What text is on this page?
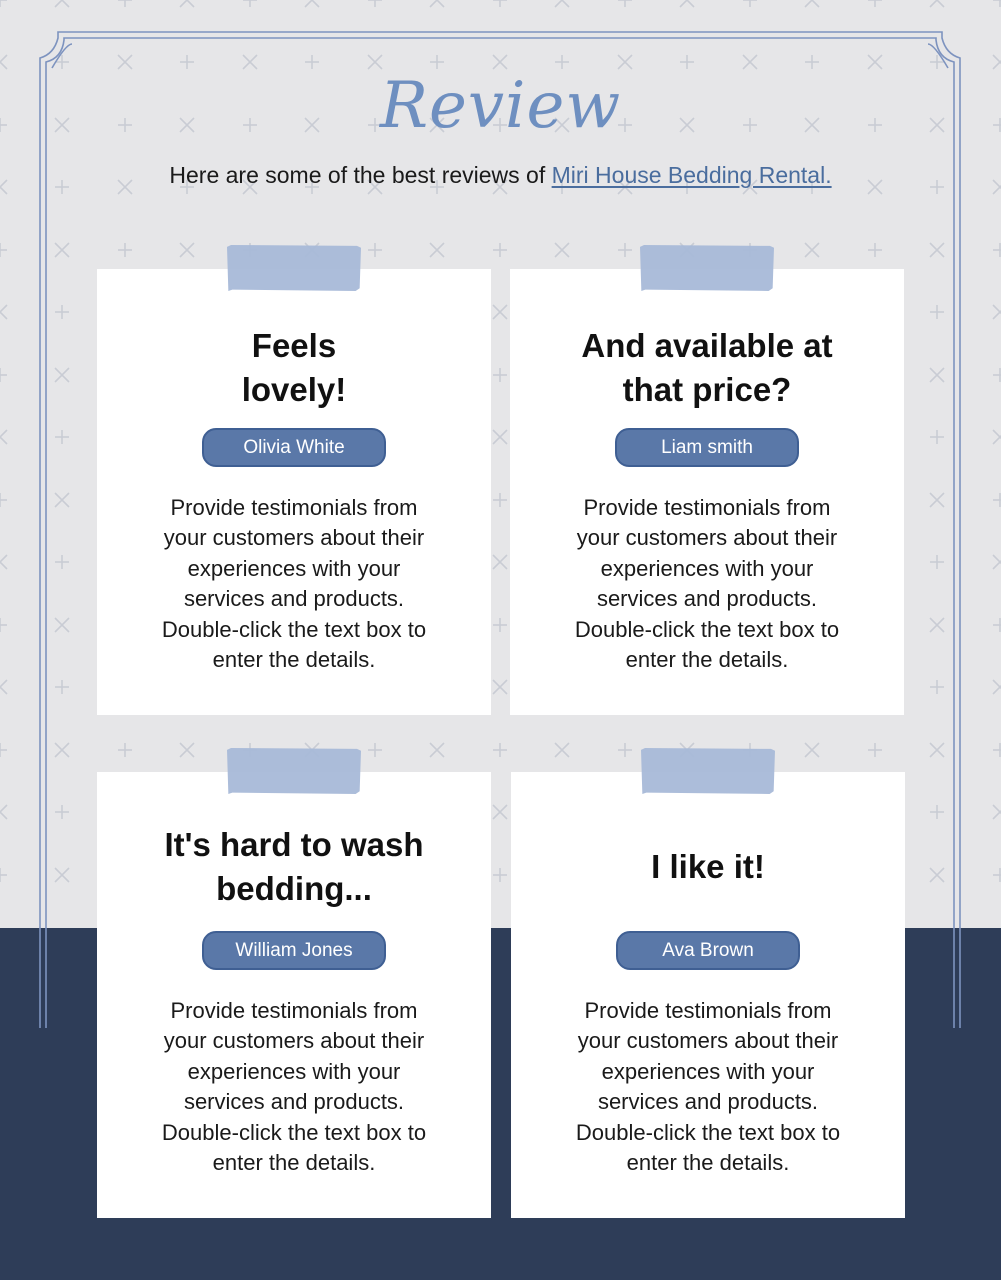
Review
Here are some of the best reviews of Miri House Bedding Rental.
Feels
lovely!
Olivia White

Provide testimonials from
your customers about their
experiences with your
services and products.
Double-click the text box to
enter the details.

And available at
that price?
Liam smith

Provide testimonials from
your customers about their
experiences with your
services and products.
Double-click the text box to
enter the details.

It's hard to wash
bedding...
William Jones

Provide testimonials from
your customers about their
experiences with your
services and products.
Double-click the text box to
enter the details.

I like it!
Ava Brown

Provide testimonials from
your customers about their
experiences with your
services and products.
Double-click the text box to
enter the details.
